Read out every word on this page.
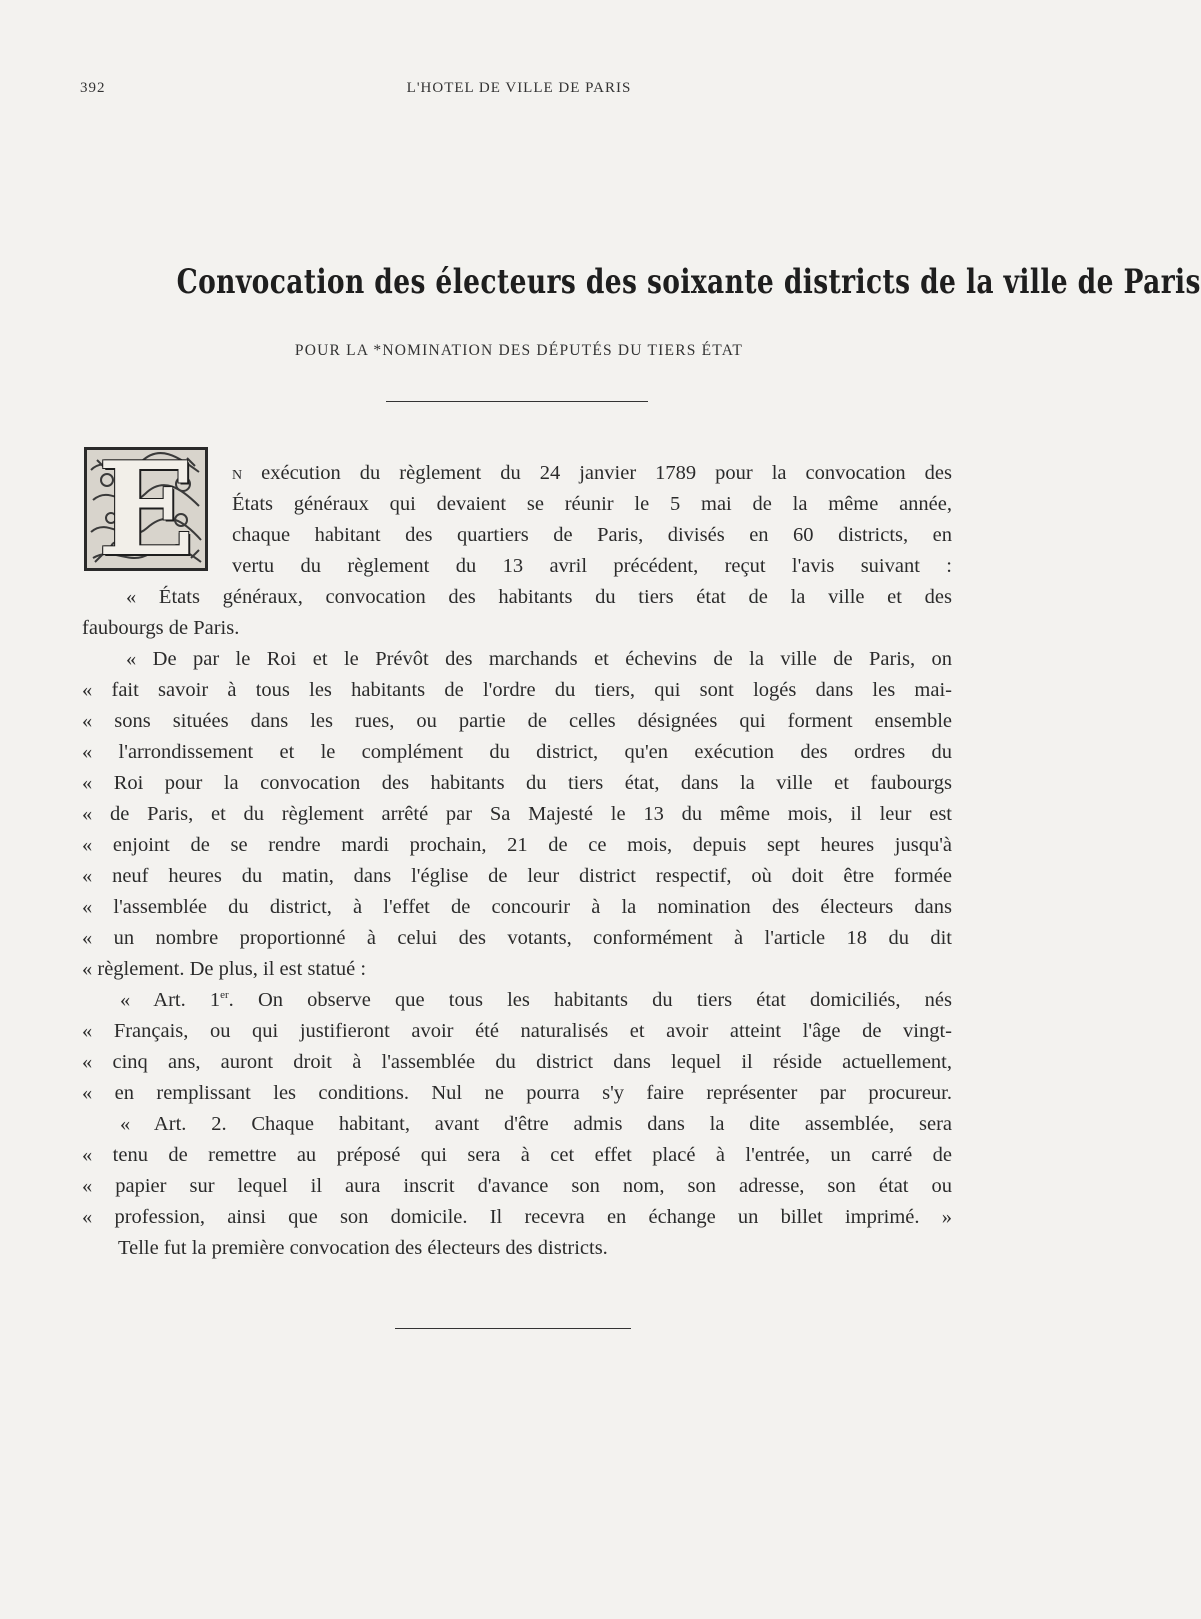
392	L'HOTEL DE VILLE DE PARIS
Convocation des électeurs des soixante districts de la ville de Paris
POUR LA *NOMINATION DES DÉPUTÉS DU TIERS ÉTAT
E	N exécution du règlement du 24 janvier 1789 pour la convocation des
États généraux qui devaient se réunir le 5 mai de la même année,
chaque habitant des quartiers de Paris, divisés en 60 districts, en
vertu du règlement du 13 avril précédent, reçut l'avis suivant :
« États généraux, convocation des habitants du tiers état de la ville et des
faubourgs de Paris.
« De par le Roi et le Prévôt des marchands et échevins de la ville de Paris, on
« fait savoir à tous les habitants de l'ordre du tiers, qui sont logés dans les mai-
« sons situées dans les rues, ou partie de celles désignées qui forment ensemble
« l'arrondissement et le complément du district, qu'en exécution des ordres du
« Roi pour la convocation des habitants du tiers état, dans la ville et faubourgs
« de Paris, et du règlement arrêté par Sa Majesté le 13 du même mois, il leur est
« enjoint de se rendre mardi prochain, 21 de ce mois, depuis sept heures jusqu'à
« neuf heures du matin, dans l'église de leur district respectif, où doit être formée
« l'assemblée du district, à l'effet de concourir à la nomination des électeurs dans
« un nombre proportionné à celui des votants, conformément à l'article 18 du dit
« règlement. De plus, il est statué :
« Art. 1er. On observe que tous les habitants du tiers état domiciliés, nés
« Français, ou qui justifieront avoir été naturalisés et avoir atteint l'âge de vingt-
« cinq ans, auront droit à l'assemblée du district dans lequel il réside actuellement,
« en remplissant les conditions. Nul ne pourra s'y faire représenter par procureur.
« Art. 2. Chaque habitant, avant d'être admis dans la dite assemblée, sera
« tenu de remettre au préposé qui sera à cet effet placé à l'entrée, un carré de
« papier sur lequel il aura inscrit d'avance son nom, son adresse, son état ou
« profession, ainsi que son domicile. Il recevra en échange un billet imprimé. »
Telle fut la première convocation des électeurs des districts.
